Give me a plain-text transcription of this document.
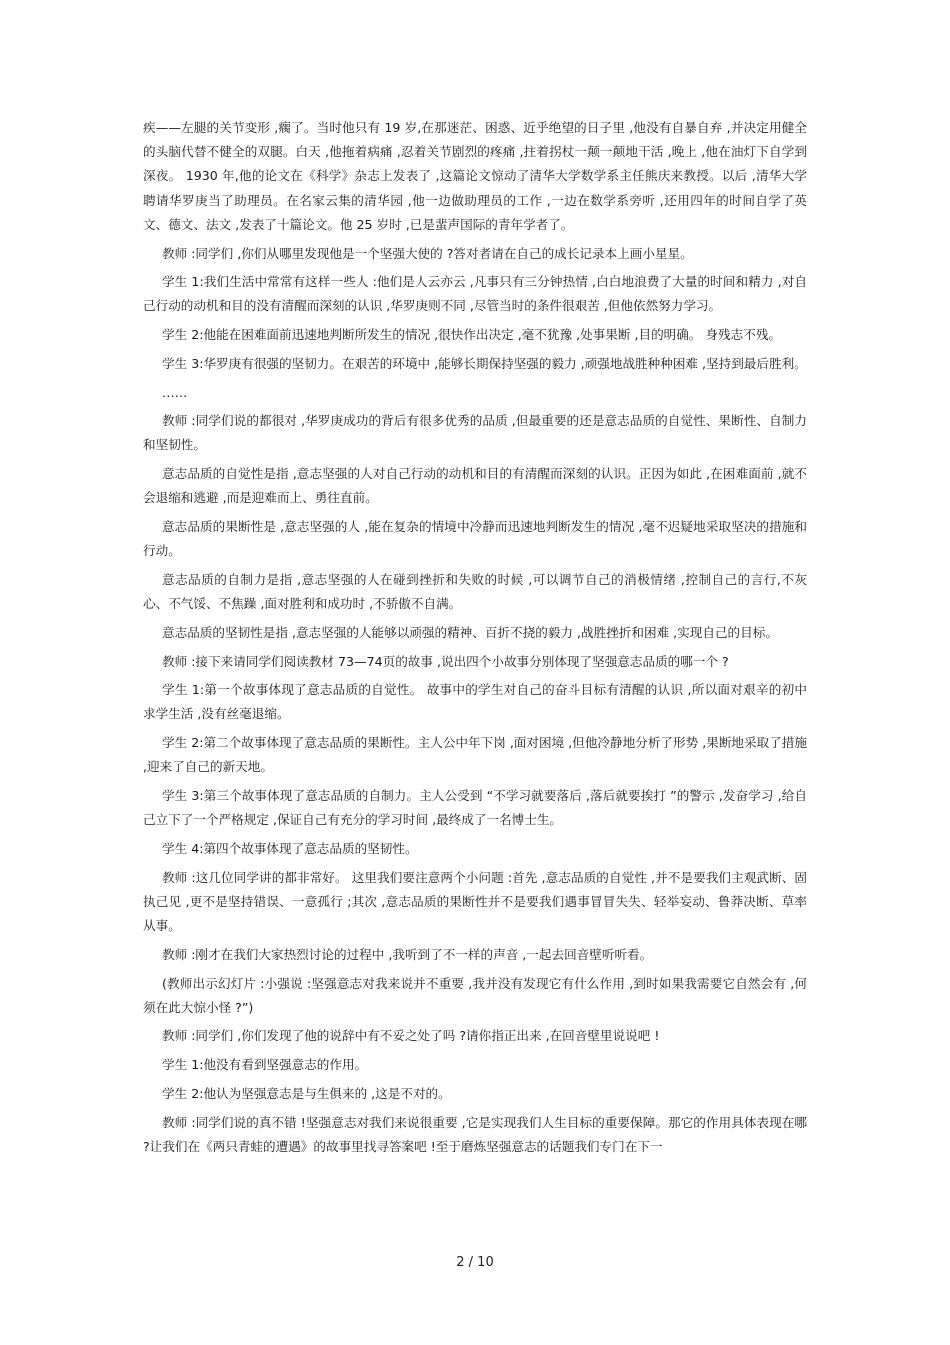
疾——左腿的关节变形 ,瘸了。当时他只有 19 岁,在那迷茫、困惑、近乎绝望的日子里 ,他没有自暴自弃 ,并决定用健全的头脑代替不健全的双腿。白天 ,他拖着病痛 ,忍着关节剧烈的疼痛 ,拄着拐杖一颠一颠地干活 ,晚上 ,他在油灯下自学到深夜。 1930 年,他的论文在《科学》杂志上发表了 ,这篇论文惊动了清华大学数学系主任熊庆来教授。以后 ,清华大学聘请华罗庚当了助理员。在名家云集的清华园 ,他一边做助理员的工作 ,一边在数学系旁听 ,还用四年的时间自学了英文、德文、法文 ,发表了十篇论文。他 25 岁时 ,已是蜚声国际的青年学者了。

教师 :同学们 ,你们从哪里发现他是一个坚强大使的 ?答对者请在自己的成长记录本上画小星星。

学生 1:我们生活中常常有这样一些人 :他们是人云亦云 ,凡事只有三分钟热情 ,白白地浪费了大量的时间和精力 ,对自己行动的动机和目的没有清醒而深刻的认识 ,华罗庚则不同 ,尽管当时的条件很艰苦 ,但他依然努力学习。

学生 2:他能在困难面前迅速地判断所发生的情况 ,很快作出决定 ,毫不犹豫 ,处事果断 ,目的明确。 身残志不残。

学生 3:华罗庚有很强的坚韧力。在艰苦的环境中 ,能够长期保持坚强的毅力 ,顽强地战胜种种困难 ,坚持到最后胜利。

……

教师 :同学们说的都很对 ,华罗庚成功的背后有很多优秀的品质 ,但最重要的还是意志品质的自觉性、果断性、自制力和坚韧性。

意志品质的自觉性是指 ,意志坚强的人对自己行动的动机和目的有清醒而深刻的认识。正因为如此 ,在困难面前 ,就不会退缩和逃避 ,而是迎难而上、勇往直前。

意志品质的果断性是 ,意志坚强的人 ,能在复杂的情境中冷静而迅速地判断发生的情况 ,毫不迟疑地采取坚决的措施和行动。

意志品质的自制力是指 ,意志坚强的人在碰到挫折和失败的时候 ,可以调节自己的消极情绪 ,控制自己的言行,不灰心、不气馁、不焦躁 ,面对胜利和成功时 ,不骄傲不自满。

意志品质的坚韧性是指 ,意志坚强的人能够以顽强的精神、百折不挠的毅力 ,战胜挫折和困难 ,实现自己的目标。

教师 :接下来请同学们阅读教材 73—74页的故事 ,说出四个小故事分别体现了坚强意志品质的哪一个 ?

学生 1:第一个故事体现了意志品质的自觉性。 故事中的学生对自己的奋斗目标有清醒的认识 ,所以面对艰辛的初中求学生活 ,没有丝毫退缩。

学生 2:第二个故事体现了意志品质的果断性。主人公中年下岗 ,面对困境 ,但他冷静地分析了形势 ,果断地采取了措施 ,迎来了自己的新天地。

学生 3:第三个故事体现了意志品质的自制力。主人公受到 “不学习就要落后 ,落后就要挨打 ”的警示 ,发奋学习 ,给自己立下了一个严格规定 ,保证自己有充分的学习时间 ,最终成了一名博士生。

学生 4:第四个故事体现了意志品质的坚韧性。

教师 :这几位同学讲的都非常好。 这里我们要注意两个小问题 :首先 ,意志品质的自觉性 ,并不是要我们主观武断、固执己见 ,更不是坚持错误、一意孤行 ;其次 ,意志品质的果断性并不是要我们遇事冒冒失失、轻举妄动、鲁莽决断、草率从事。

教师 :刚才在我们大家热烈讨论的过程中 ,我听到了不一样的声音 ,一起去回音壁听听看。

(教师出示幻灯片 :小强说 :坚强意志对我来说并不重要 ,我并没有发现它有什么作用 ,到时如果我需要它自然会有 ,何须在此大惊小怪 ?”)

教师 :同学们 ,你们发现了他的说辞中有不妥之处了吗 ?请你指正出来 ,在回音壁里说说吧 !

学生 1:他没有看到坚强意志的作用。

学生 2:他认为坚强意志是与生俱来的 ,这是不对的。

教师 :同学们说的真不错 !坚强意志对我们来说很重要 ,它是实现我们人生目标的重要保障。那它的作用具体表现在哪 ?让我们在《两只青蛙的遭遇》的故事里找寻答案吧 !至于磨炼坚强意志的话题我们专门在下一

2 / 10
